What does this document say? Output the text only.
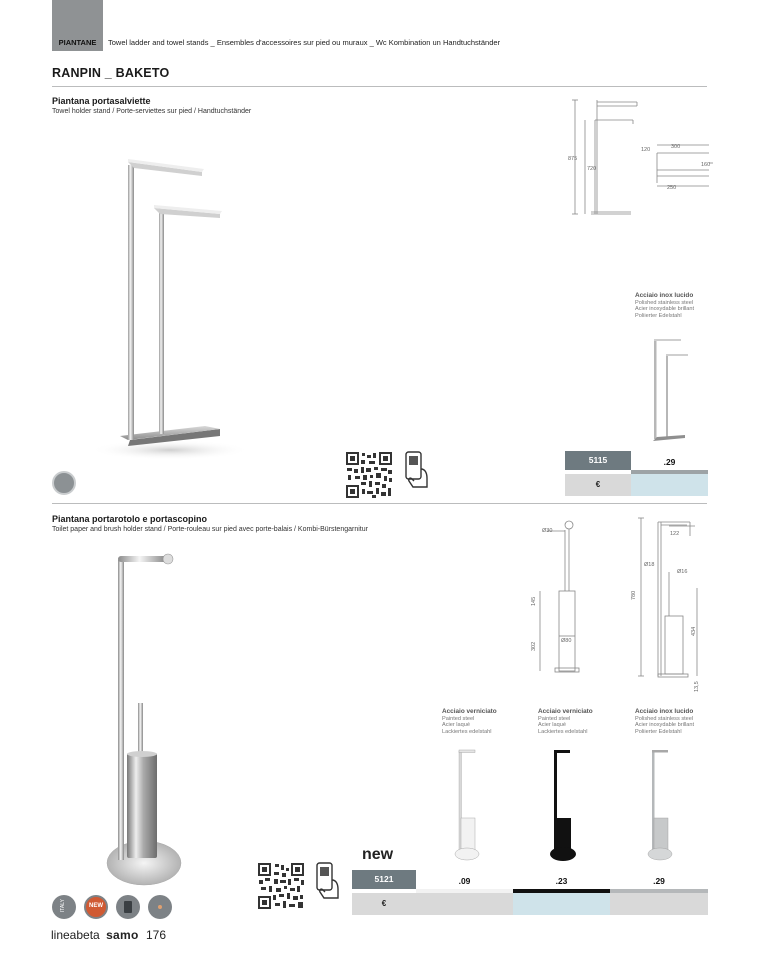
PIANTANE	Towel ladder and towel stands _ Ensembles d'accessoires sur pied ou muraux _ Wc Kombination un Handtuchständer
RANPIN _ BAKETO
Piantana portasalviette
Towel holder stand / Porte-serviettes sur pied / Handtuchständer
875
720
120	300
160
250
Acciaio inox lucido
Polished stainless steel
Acier inoxydable brillant
Poliierter Edelstahl
5115	.29
€
Piantana portarotolo e portascopino
Toilet paper and brush holder stand / Porte-rouleau sur pied avec porte-balais / Kombi-Bürstengarnitur	Ø30
145
302
Ø80
122
Ø18
Ø16
780
434
13,5
Acciaio verniciato
Painted steel
Acier laqué
Lackiertes edelstahl
Acciaio verniciato
Painted steel
Acier laqué
Lackiertes edelstahl
Acciaio inox lucido
Polished stainless steel
Acier inoxydable brillant
Poliierter Edelstahl
new
5121	.09	.23	.29
€
ITALY	NEW
lineabeta samo 176
